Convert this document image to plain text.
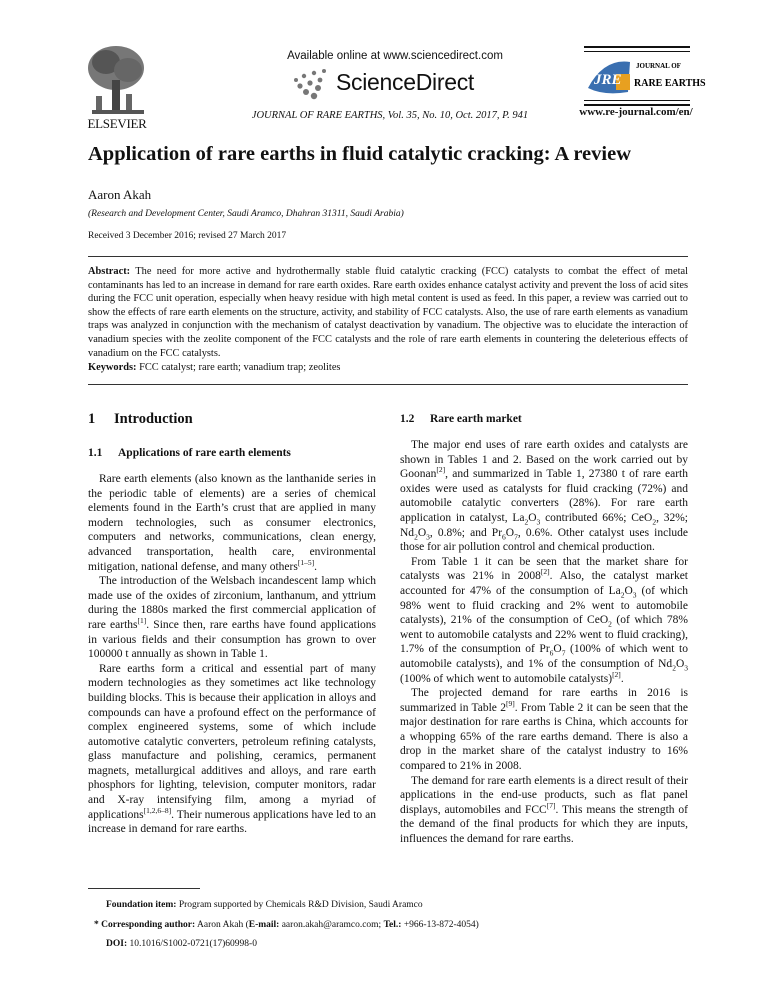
ELSEVIER
Available online at www.sciencedirect.com
ScienceDirect
JOURNAL OF RARE EARTHS, Vol. 35, No. 10, Oct. 2017, P. 941
JRE
JOURNAL OF
RARE EARTHS
www.re-journal.com/en/
Application of rare earths in fluid catalytic cracking: A review
Aaron Akah
(Research and Development Center, Saudi Aramco, Dhahran 31311, Saudi Arabia)
Received 3 December 2016; revised 27 March 2017
Abstract: The need for more active and hydrothermally stable fluid catalytic cracking (FCC) catalysts to combat the effect of metal contaminants has led to an increase in demand for rare earth oxides. Rare earth oxides enhance catalyst activity and prevent the loss of acid sites during the FCC unit operation, especially when heavy residue with high metal content is used as feed. In this paper, a review was carried out to show the effects of rare earth elements on the structure, activity, and stability of FCC catalysts. Also, the use of rare earth elements as vanadium traps was analyzed in conjunction with the mechanism of catalyst deactivation by vanadium. The objective was to elucidate the interaction of vanadium species with the zeolite component of the FCC catalysts and the role of rare earth elements in countering the deleterious effects of vanadium on the FCC catalysts.
Keywords: FCC catalyst; rare earth; vanadium trap; zeolites
1 Introduction
1.1 Applications of rare earth elements
1.2 Rare earth market

Rare earth elements (also known as the lanthanide series in the periodic table of elements) are a series of chemical elements found in the Earth’s crust that are applied in many modern technologies, such as consumer electronics, computers and networks, communications, clean energy, advanced transportation, health care, environmental mitigation, national defense, and many others[1–5].

The introduction of the Welsbach incandescent lamp which made use of the oxides of zirconium, lanthanum, and yttrium during the 1880s marked the first commercial application of rare earths[1]. Since then, rare earths have found applications in various fields and their consumption has grown to over 100000 t annually as shown in Table 1.

Rare earths form a critical and essential part of many modern technologies as they sometimes act like technology building blocks. This is because their application in alloys and compounds can have a profound effect on the performance of complex engineered systems, some of which include automotive catalytic converters, petroleum refining catalysts, glass manufacture and polishing, ceramics, permanent magnets, metallurgical additives and alloys, and rare earth phosphors for lighting, television, computer monitors, radar and X-ray intensifying film, among a myriad of applications[1,2,6–8]. Their numerous applications have led to an increase in demand for rare earths.

The major end uses of rare earth oxides and catalysts are shown in Tables 1 and 2. Based on the work carried out by Goonan[2], and summarized in Table 1, 27380 t of rare earth oxides were used as catalysts for fluid cracking (72%) and automobile catalytic converters (28%). For rare earth application in catalyst, $La_2O_3$ contributed 66%; CeO$_2$, 32%; $Nd_2O_3$, 0.8%; and $Pr_6O_7$, 0.6%. Other catalyst uses include those for air pollution control and chemical production.

From Table 1 it can be seen that the market share for catalysts was 21% in 2008[2]. Also, the catalyst market accounted for 47% of the consumption of $La_2O_3$ (of which 98% went to fluid cracking and 2% went to automobile catalysts), 21% of the consumption of CeO$_2$ (of which 78% went to automobile catalysts and 22% went to fluid cracking), 1.7% of the consumption of $Pr_6O_7$ (100% of which went to automobile catalysts), and 1% of the consumption of $Nd_2O_3$ (100% of which went to automobile catalysts)[2].

The projected demand for rare earths in 2016 is summarized in Table 2[9]. From Table 2 it can be seen that the major destination for rare earths is China, which accounts for a whopping 65% of the rare earths demand. There is also a drop in the market share of the catalyst industry to 16% compared to 21% in 2008.

The demand for rare earth elements is a direct result of their applications in the end-use products, such as flat panel displays, automobiles and FCC[7]. This means the strength of the demand of the final products for which they are inputs, influences the demand for rare earths.

Foundation item: Program supported by Chemicals R&D Division, Saudi Aramco
* Corresponding author: Aaron Akah (E-mail: aaron.akah@aramco.com; Tel.: +966-13-872-4054)
DOI: 10.1016/S1002-0721(17)60998-0
